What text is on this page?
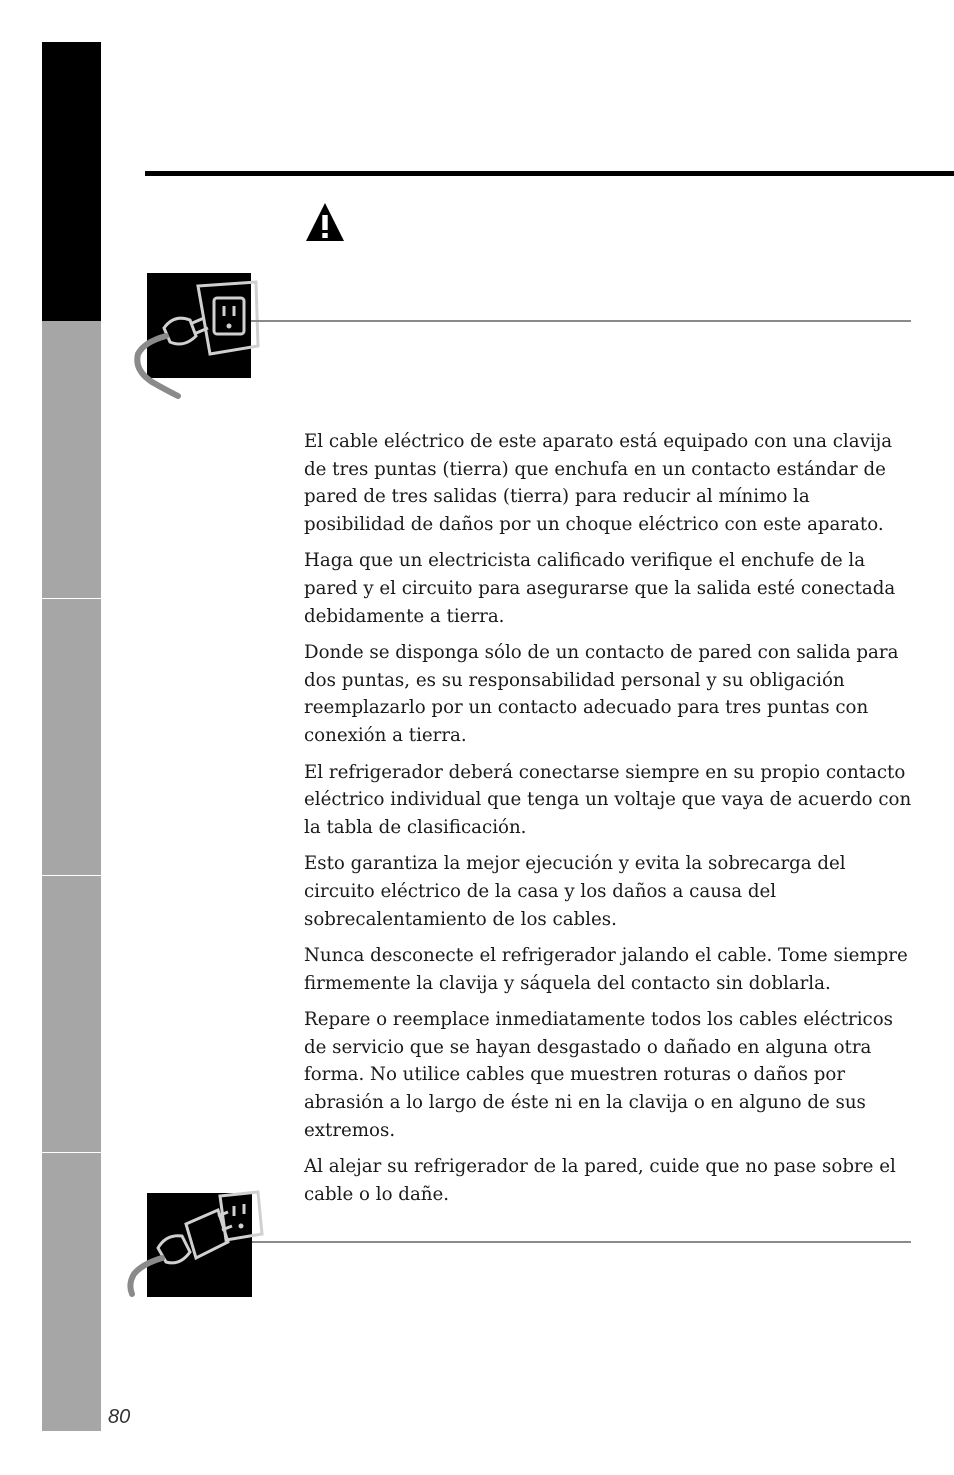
El cable eléctrico de este aparato está equipado con una clavija de tres puntas (tierra) que enchufa en un contacto estándar de pared de tres salidas (tierra) para reducir al mínimo la posibilidad de daños por un choque eléctrico con este aparato.

Haga que un electricista calificado verifique el enchufe de la pared y el circuito para asegurarse que la salida esté conectada debidamente a tierra.

Donde se disponga sólo de un contacto de pared con salida para dos puntas, es su responsabilidad personal y su obligación reemplazarlo por un contacto adecuado para tres puntas con conexión a tierra.

El refrigerador deberá conectarse siempre en su propio contacto eléctrico individual que tenga un voltaje que vaya de acuerdo con la tabla de clasificación.

Esto garantiza la mejor ejecución y evita la sobrecarga del circuito eléctrico de la casa y los daños a causa del sobrecalentamiento de los cables.

Nunca desconecte el refrigerador jalando el cable. Tome siempre firmemente la clavija y sáquela del contacto sin doblarla.

Repare o reemplace inmediatamente todos los cables eléctricos de servicio que se hayan desgastado o dañado en alguna otra forma. No utilice cables que muestren roturas o daños por abrasión a lo largo de éste ni en la clavija o en alguno de sus extremos.

Al alejar su refrigerador de la pared, cuide que no pase sobre el cable o lo dañe.

80
